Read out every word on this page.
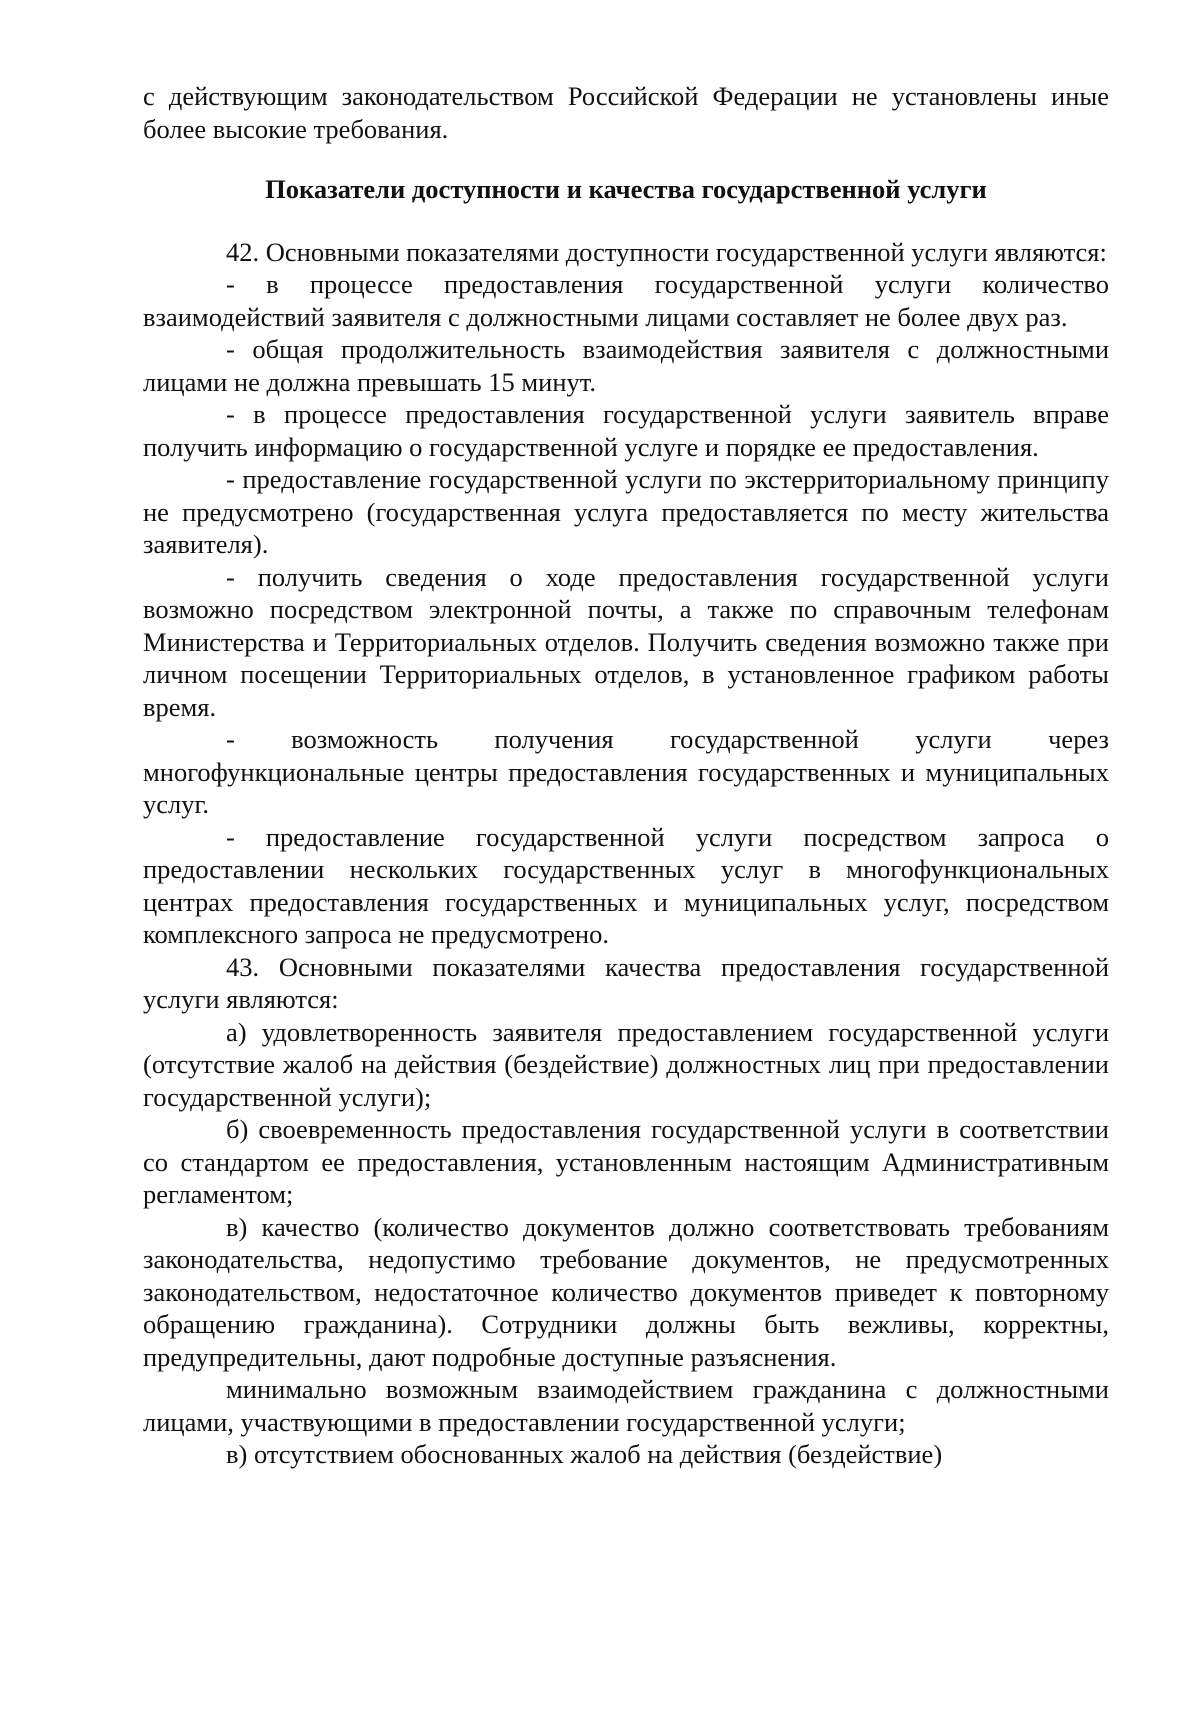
с действующим законодательством Российской Федерации не установлены иные более высокие требования.

Показатели доступности и качества государственной услуги

42. Основными показателями доступности государственной услуги являются:

- в процессе предоставления государственной услуги количество взаимодействий заявителя с должностными лицами составляет не более двух раз.

- общая продолжительность взаимодействия заявителя с должностными лицами не должна превышать 15 минут.

- в процессе предоставления государственной услуги заявитель вправе получить информацию о государственной услуге и порядке ее предоставления.

- предоставление государственной услуги по экстерриториальному принципу не предусмотрено (государственная услуга предоставляется по месту жительства заявителя).

- получить сведения о ходе предоставления государственной услуги возможно посредством электронной почты, а также по справочным телефонам Министерства и Территориальных отделов. Получить сведения возможно также при личном посещении Территориальных отделов, в установленное графиком работы время.

- возможность получения государственной услуги через многофункциональные центры предоставления государственных и муниципальных услуг.

- предоставление государственной услуги посредством запроса о предоставлении нескольких государственных услуг в многофункциональных центрах предоставления государственных и муниципальных услуг, посредством комплексного запроса не предусмотрено.

43. Основными показателями качества предоставления государственной услуги являются:

а) удовлетворенность заявителя предоставлением государственной услуги (отсутствие жалоб на действия (бездействие) должностных лиц при предоставлении государственной услуги);

б) своевременность предоставления государственной услуги в соответствии со стандартом ее предоставления, установленным настоящим Административным регламентом;

в) качество (количество документов должно соответствовать требованиям законодательства, недопустимо требование документов, не предусмотренных законодательством, недостаточное количество документов приведет к повторному обращению гражданина). Сотрудники должны быть вежливы, корректны, предупредительны, дают подробные доступные разъяснения.

минимально возможным взаимодействием гражданина с должностными лицами, участвующими в предоставлении государственной услуги;

в) отсутствием обоснованных жалоб на действия (бездействие)
